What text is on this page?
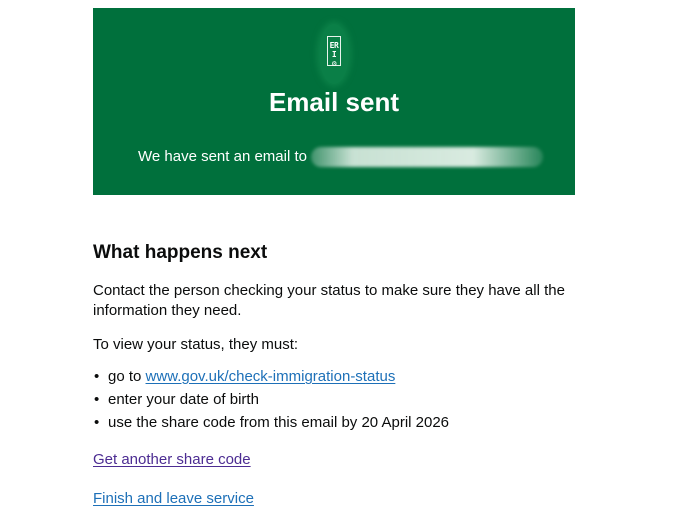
ER
I ⚙
Email sent
We have sent an email to
What happens next

Contact the person checking your status to make sure they have all the information they need.

To view your status, they must:

• go to www.gov.uk/check-immigration-status
• enter your date of birth
• use the share code from this email by 20 April 2026
Get another share code
Finish and leave service
